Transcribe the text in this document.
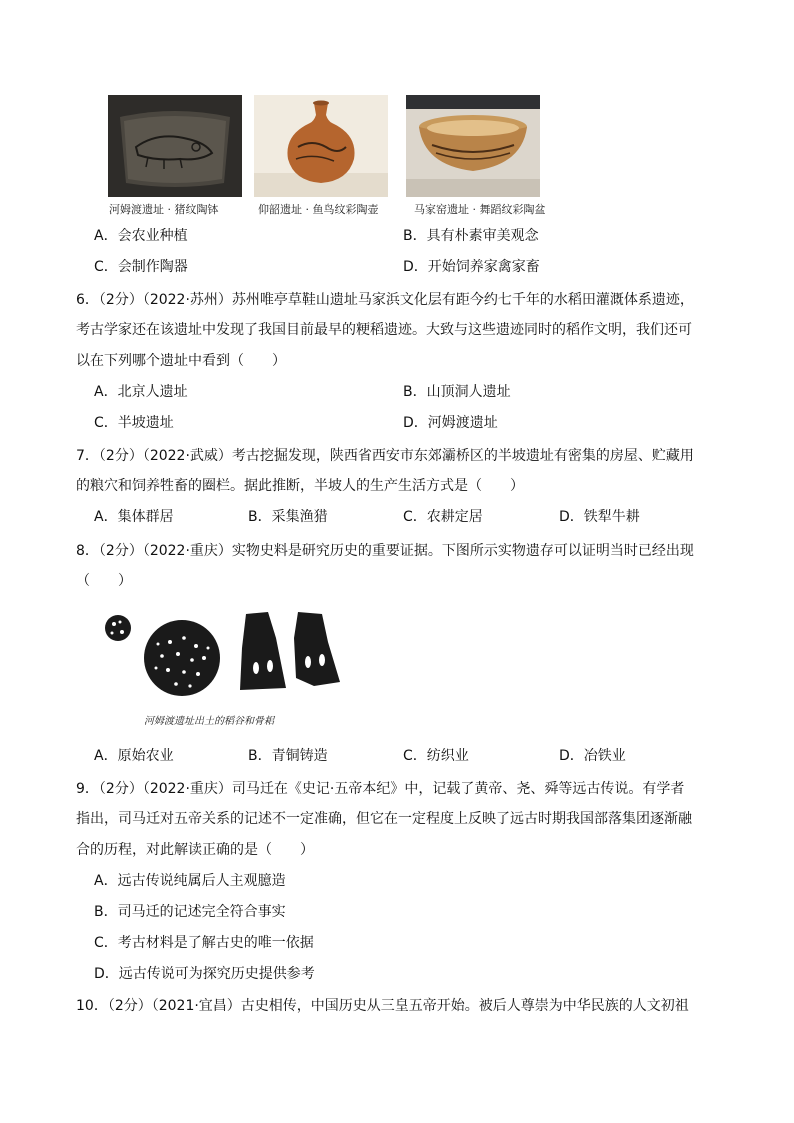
河姆渡遗址 · 猪纹陶钵	仰韶遗址 · 鱼鸟纹彩陶壶	马家窑遗址 · 舞蹈纹彩陶盆
A．会农业种植	B．具有朴素审美观念
C．会制作陶器	D．开始饲养家禽家畜
6．（2分）（2022·苏州）苏州唯亭草鞋山遗址马家浜文化层有距今约七千年的水稻田灌溉体系遗迹，
考古学家还在该遗址中发现了我国目前最早的粳稻遗迹。大致与这些遗迹同时的稻作文明，我们还可
以在下列哪个遗址中看到（　　）
A．北京人遗址	B．山顶洞人遗址
C．半坡遗址	D．河姆渡遗址
7．（2分）（2022·武威）考古挖掘发现，陕西省西安市东郊灞桥区的半坡遗址有密集的房屋、贮藏用
的粮穴和饲养牲畜的圈栏。据此推断，半坡人的生产生活方式是（　　）
A．集体群居	B．采集渔猎	C．农耕定居	D．铁犁牛耕
8．（2分）（2022·重庆）实物史料是研究历史的重要证据。下图所示实物遗存可以证明当时已经出现
（　　）
河姆渡遗址出土的稻谷和骨耜
A．原始农业	B．青铜铸造	C．纺织业	D．冶铁业
9．（2分）（2022·重庆）司马迁在《史记·五帝本纪》中，记载了黄帝、尧、舜等远古传说。有学者
指出，司马迁对五帝关系的记述不一定准确，但它在一定程度上反映了远古时期我国部落集团逐渐融
合的历程，对此解读正确的是（　　）
A．远古传说纯属后人主观臆造
B．司马迁的记述完全符合事实
C．考古材料是了解古史的唯一依据
D．远古传说可为探究历史提供参考
10．（2分）（2021·宜昌）古史相传，中国历史从三皇五帝开始。被后人尊崇为中华民族的人文初祖
